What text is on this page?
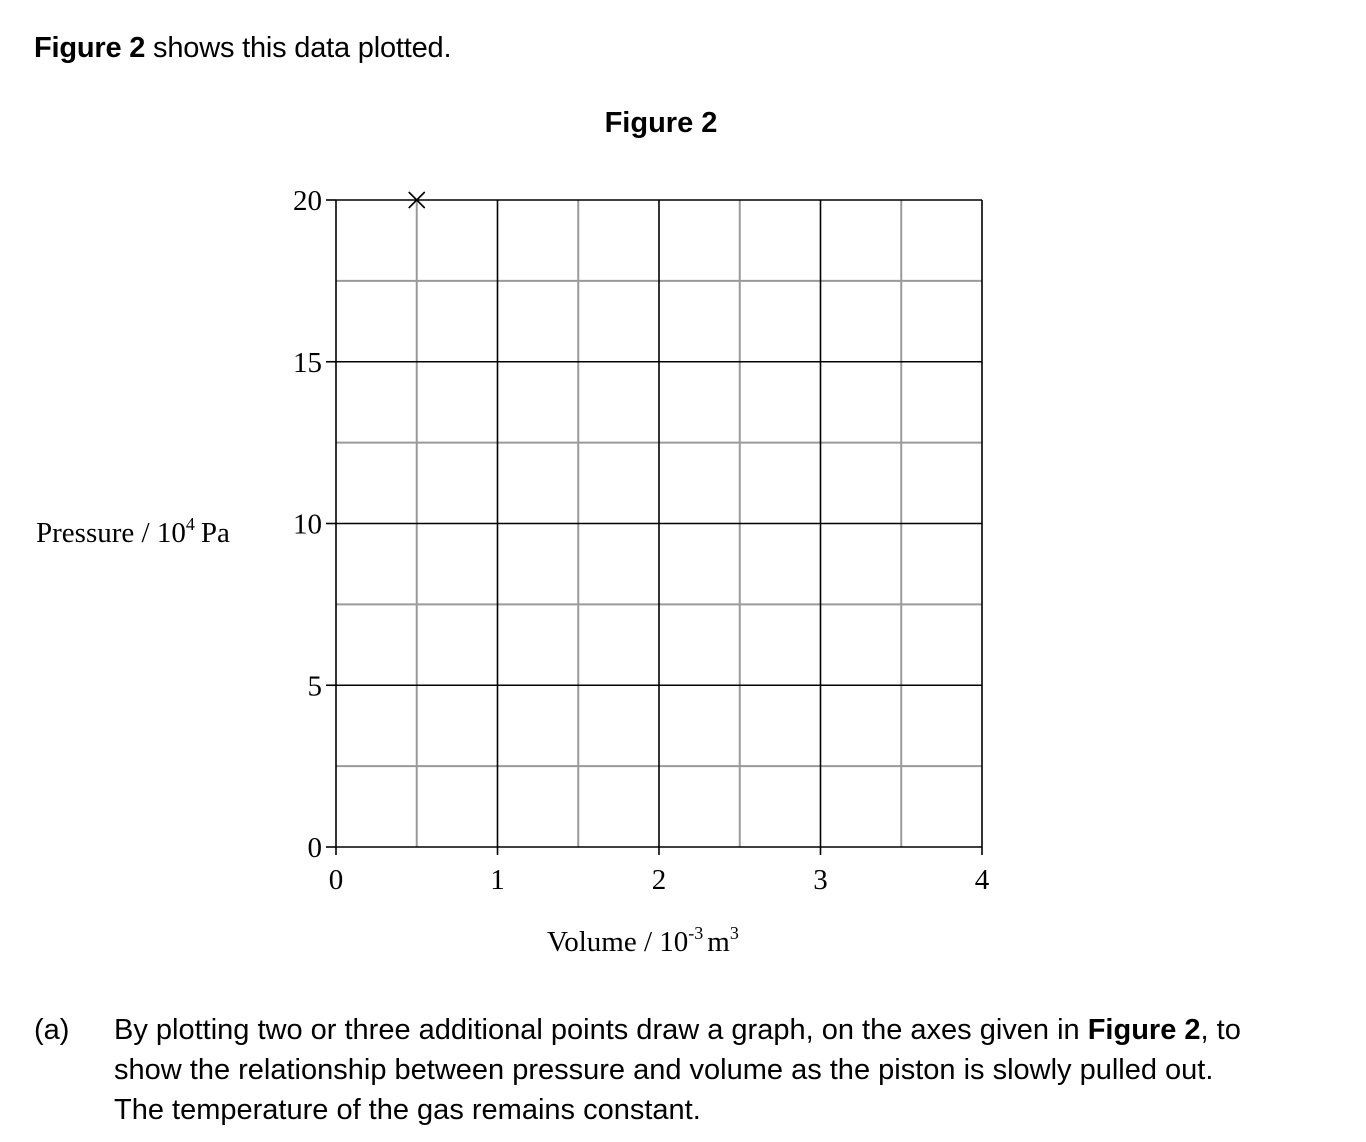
Figure 2 shows this data plotted.
Figure 2
0	1	2	3	4
0
5
10
15
20
Pressure / $10^4$ Pa
Volume / $10^{-3}$ $m^3$
(a) By plotting two or three additional points draw a graph, on the axes given in Figure 2, to
show the relationship between pressure and volume as the piston is slowly pulled out.
The temperature of the gas remains constant.
